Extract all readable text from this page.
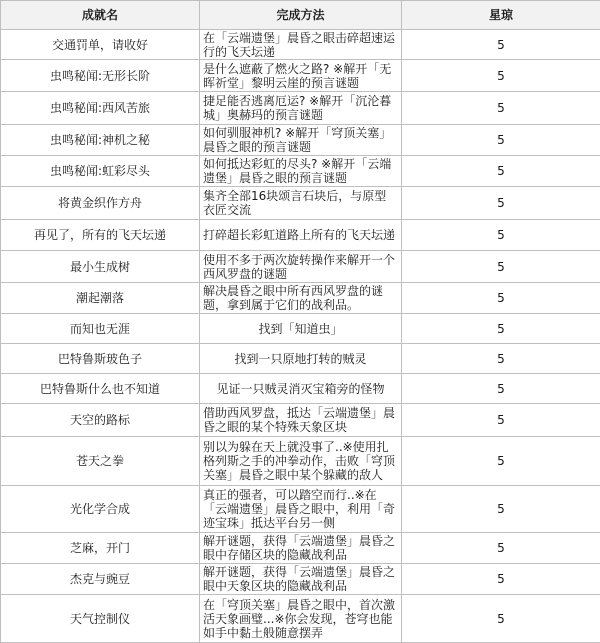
成就名	完成方法	星琼
交通罚单，请收好	在「云端遗堡」晨昏之眼击碎超速运行的飞天坛递	5
虫鸣秘闻:无形长阶	是什么遮蔽了燃火之路? ※解开「无晖祈堂」黎明云崖的预言谜题	5
虫鸣秘闻:西风苦旅	捷足能否逃离厄运? ※解开「沉沦暮城」奥赫玛的预言谜题	5
虫鸣秘闻:神机之秘	如何驯服神机? ※解开「穹顶关塞」晨昏之眼的预言谜题	5
虫鸣秘闻:虹彩尽头	如何抵达彩虹的尽头? ※解开「云端遗堡」晨昏之眼的预言谜题	5
将黄金织作方舟	集齐全部16块颂言石块后，与原型衣匠交流	5
再见了，所有的飞天坛递	打碎超长彩虹道路上所有的飞天坛递	5
最小生成树	使用不多于两次旋转操作来解开一个西风罗盘的谜题	5
潮起潮落	解决晨昏之眼中所有西风罗盘的谜题，拿到属于它们的战利品。	5
而知也无涯	找到「知道虫」	5
巴特鲁斯玻色子	找到一只原地打转的贼灵	5
巴特鲁斯什么也不知道	见证一只贼灵消灭宝箱旁的怪物	5
天空的路标	借助西风罗盘，抵达「云端遗堡」晨昏之眼的某个特殊天象区块	5
苍天之拳	别以为躲在天上就没事了..※使用扎格列斯之手的冲拳动作，击败「穹顶关塞」晨昏之眼中某个躲藏的敌人	5
光化学合成	真正的强者，可以踏空而行..※在「云端遗堡」晨昏之眼中，利用「奇迹宝珠」抵达平台另一侧	5
芝麻，开门	解开谜题，获得「云端遗堡」晨昏之眼中存储区块的隐藏战利品	5
杰克与豌豆	解开谜题，获得「云端遗堡」晨昏之眼中天象区块的隐藏战利品	5
天气控制仪	在「穹顶关塞」晨昏之眼中，首次激活天象画璧...※你会发现，苍穹也能如手中黏土般随意摆弄	5
